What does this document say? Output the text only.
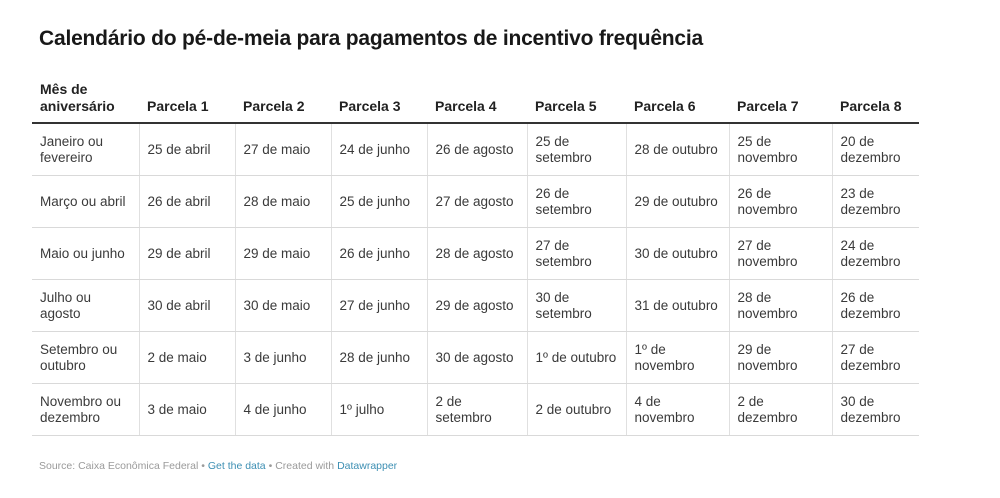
Calendário do pé-de-meia para pagamentos de incentivo frequência
Mês de aniversário	Parcela 1	Parcela 2	Parcela 3	Parcela 4	Parcela 5	Parcela 6	Parcela 7	Parcela 8
Janeiro ou fevereiro	25 de abril	27 de maio	24 de junho	26 de agosto	25 de setembro	28 de outubro	25 de novembro	20 de dezembro
Março ou abril	26 de abril	28 de maio	25 de junho	27 de agosto	26 de setembro	29 de outubro	26 de novembro	23 de dezembro
Maio ou junho	29 de abril	29 de maio	26 de junho	28 de agosto	27 de setembro	30 de outubro	27 de novembro	24 de dezembro
Julho ou agosto	30 de abril	30 de maio	27 de junho	29 de agosto	30 de setembro	31 de outubro	28 de novembro	26 de dezembro
Setembro ou outubro	2 de maio	3 de junho	28 de junho	30 de agosto	1º de outubro	1º de novembro	29 de novembro	27 de dezembro
Novembro ou dezembro	3 de maio	4 de junho	1º julho	2 de setembro	2 de outubro	4 de novembro	2 de dezembro	30 de dezembro
Source: Caixa Econômica Federal • Get the data • Created with Datawrapper
